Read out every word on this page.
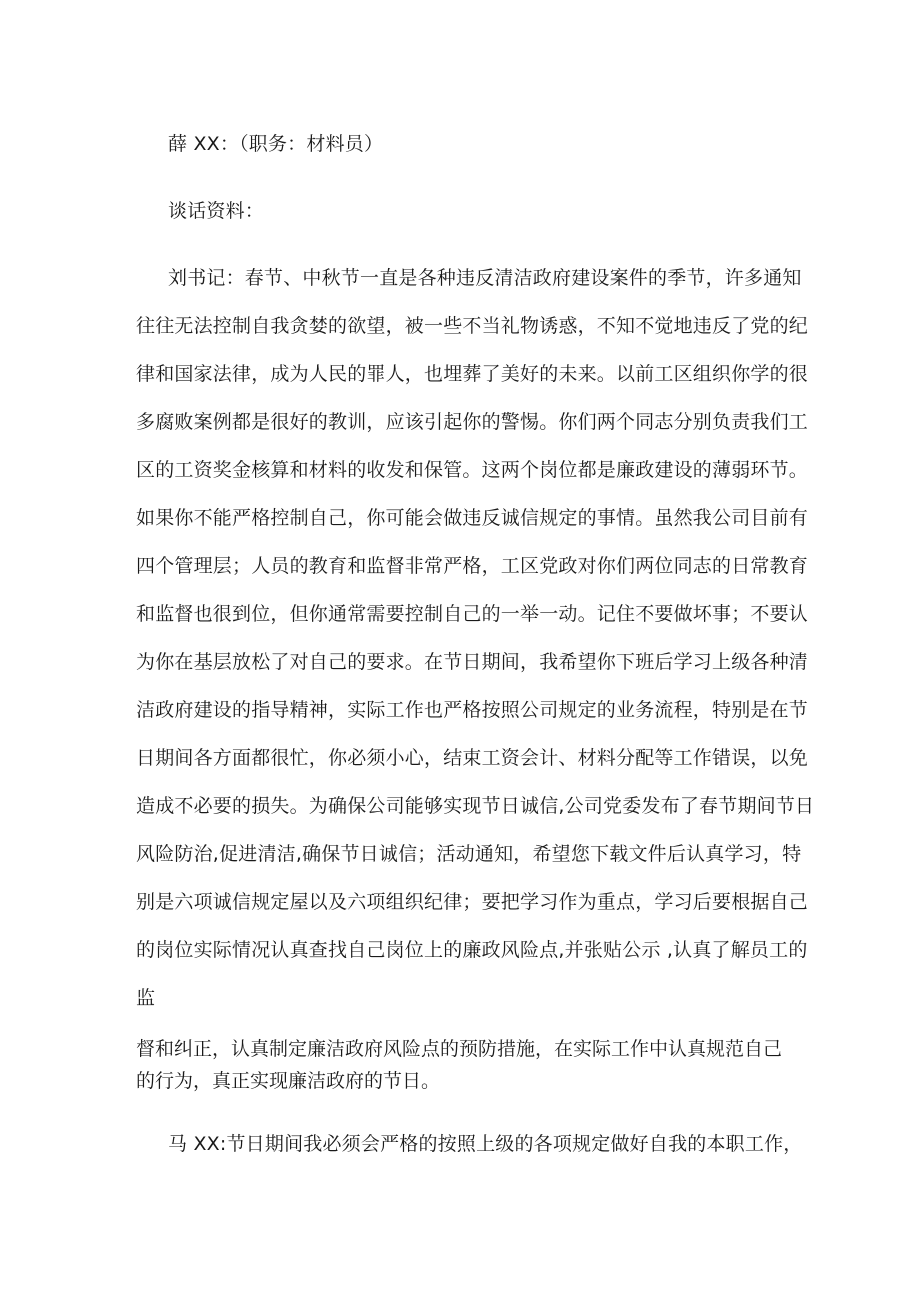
薛 XX：（职务：材料员）
谈话资料：
刘书记：春节、中秋节一直是各种违反清洁政府建设案件的季节，许多通知
往往无法控制自我贪婪的欲望，被一些不当礼物诱惑，不知不觉地违反了党的纪
律和国家法律，成为人民的罪人，也埋葬了美好的未来。以前工区组织你学的很
多腐败案例都是很好的教训，应该引起你的警惕。你们两个同志分别负责我们工
区的工资奖金核算和材料的收发和保管。这两个岗位都是廉政建设的薄弱环节。
如果你不能严格控制自己，你可能会做违反诚信规定的事情。虽然我公司目前有
四个管理层；人员的教育和监督非常严格，工区党政对你们两位同志的日常教育
和监督也很到位，但你通常需要控制自己的一举一动。记住不要做坏事；不要认
为你在基层放松了对自己的要求。在节日期间，我希望你下班后学习上级各种清
洁政府建设的指导精神，实际工作也严格按照公司规定的业务流程，特别是在节
日期间各方面都很忙，你必须小心，结束工资会计、材料分配等工作错误，以免
造成不必要的损失。为确保公司能够实现节日诚信,公司党委发布了春节期间节日
风险防治,促进清洁,确保节日诚信；活动通知，希望您下载文件后认真学习，特
别是六项诚信规定屋以及六项组织纪律；要把学习作为重点，学习后要根据自己
的岗位实际情况认真查找自己岗位上的廉政风险点,并张贴公示 ,认真了解员工的
监
督和纠正，认真制定廉洁政府风险点的预防措施，在实际工作中认真规范自己
的行为，真正实现廉洁政府的节日。
马 XX:节日期间我必须会严格的按照上级的各项规定做好自我的本职工作，
